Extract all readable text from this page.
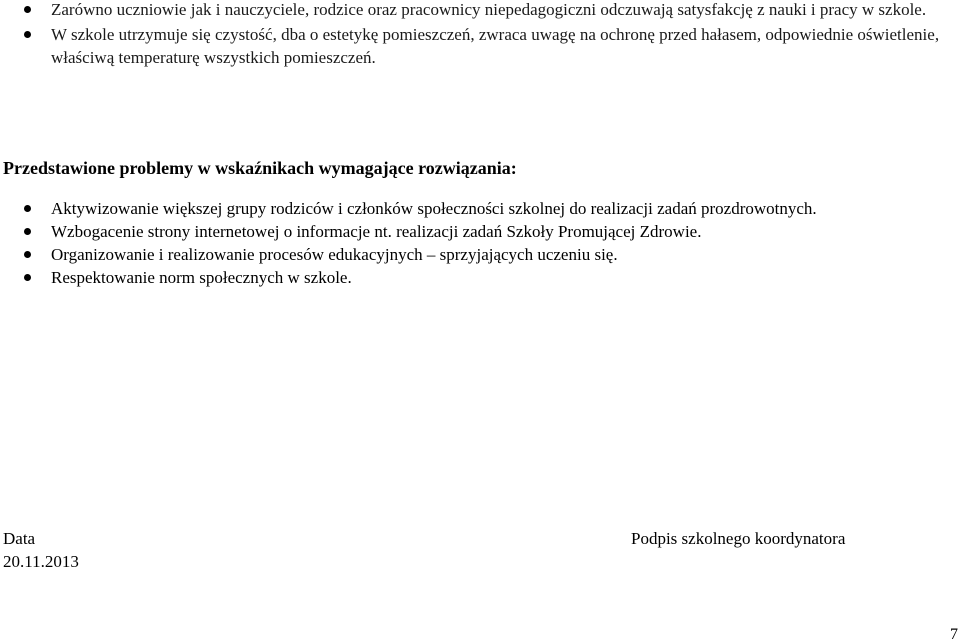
Zarówno uczniowie jak i nauczyciele, rodzice oraz pracownicy niepedagogiczni odczuwają satysfakcję z nauki i pracy w szkole.
W szkole utrzymuje się czystość, dba o estetykę pomieszczeń, zwraca uwagę na ochronę przed hałasem, odpowiednie oświetlenie, właściwą temperaturę wszystkich pomieszczeń.
Przedstawione problemy w wskaźnikach wymagające rozwiązania:
Aktywizowanie większej grupy rodziców i członków społeczności szkolnej do realizacji zadań prozdrowotnych.
Wzbogacenie strony internetowej o informacje nt. realizacji zadań Szkoły Promującej Zdrowie.
Organizowanie i realizowanie procesów edukacyjnych – sprzyjających uczeniu się.
Respektowanie norm społecznych w szkole.
Data
20.11.2013
Podpis szkolnego koordynatora
7
